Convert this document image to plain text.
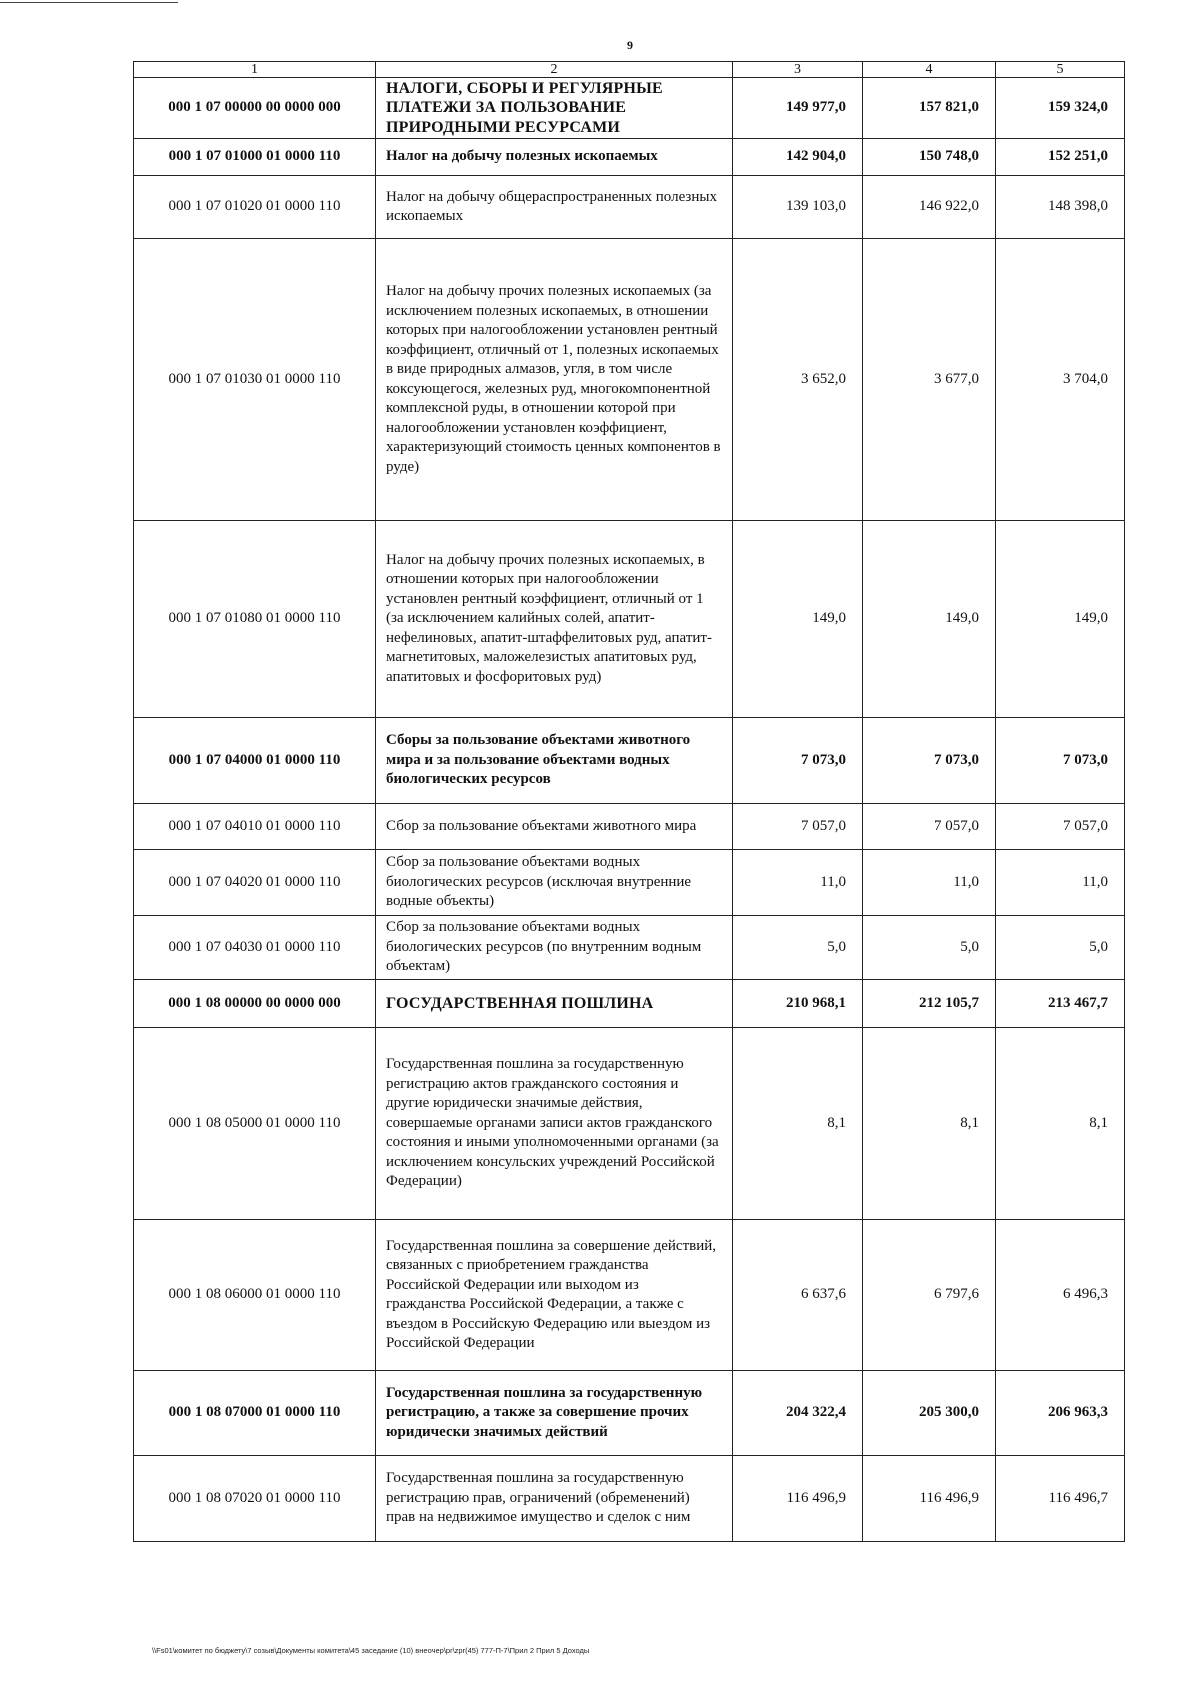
9
1	2	3	4	5
000 1 07 00000 00 0000 000	НАЛОГИ, СБОРЫ И РЕГУЛЯРНЫЕ ПЛАТЕЖИ ЗА ПОЛЬЗОВАНИЕ ПРИРОДНЫМИ РЕСУРСАМИ	149 977,0	157 821,0	159 324,0
000 1 07 01000 01 0000 110	Налог на добычу полезных ископаемых	142 904,0	150 748,0	152 251,0
000 1 07 01020 01 0000 110	Налог на добычу общераспространенных полезных ископаемых	139 103,0	146 922,0	148 398,0
000 1 07 01030 01 0000 110	Налог на добычу прочих полезных ископаемых (за исключением полезных ископаемых, в отношении которых при налогообложении установлен рентный коэффициент, отличный от 1, полезных ископаемых в виде природных алмазов, угля, в том числе коксующегося, железных руд, многокомпонентной комплексной руды, в отношении которой при налогообложении установлен коэффициент, характеризующий стоимость ценных компонентов в руде)	3 652,0	3 677,0	3 704,0
000 1 07 01080 01 0000 110	Налог на добычу прочих полезных ископаемых, в отношении которых при налогообложении установлен рентный коэффициент, отличный от 1 (за исключением калийных солей, апатит-нефелиновых, апатит-штаффелитовых руд, апатит-магнетитовых, маложелезистых апатитовых руд, апатитовых и фосфоритовых руд)	149,0	149,0	149,0
000 1 07 04000 01 0000 110	Сборы за пользование объектами животного мира и за пользование объектами водных биологических ресурсов	7 073,0	7 073,0	7 073,0
000 1 07 04010 01 0000 110	Сбор за пользование объектами животного мира	7 057,0	7 057,0	7 057,0
000 1 07 04020 01 0000 110	Сбор за пользование объектами водных биологических ресурсов (исключая внутренние водные объекты)	11,0	11,0	11,0
000 1 07 04030 01 0000 110	Сбор за пользование объектами водных биологических ресурсов (по внутренним водным объектам)	5,0	5,0	5,0
000 1 08 00000 00 0000 000	ГОСУДАРСТВЕННАЯ ПОШЛИНА	210 968,1	212 105,7	213 467,7
000 1 08 05000 01 0000 110	Государственная пошлина за государственную регистрацию актов гражданского состояния и другие юридически значимые действия, совершаемые органами записи актов гражданского состояния и иными уполномоченными органами (за исключением консульских учреждений Российской Федерации)	8,1	8,1	8,1
000 1 08 06000 01 0000 110	Государственная пошлина за совершение действий, связанных с приобретением гражданства Российской Федерации или выходом из гражданства Российской Федерации, а также с въездом в Российскую Федерацию или выездом из Российской Федерации	6 637,6	6 797,6	6 496,3
000 1 08 07000 01 0000 110	Государственная пошлина за государственную регистрацию, а также за совершение прочих юридически значимых действий	204 322,4	205 300,0	206 963,3
000 1 08 07020 01 0000 110	Государственная пошлина за государственную регистрацию прав, ограничений (обременений) прав на недвижимое имущество и сделок с ним	116 496,9	116 496,9	116 496,7
\\Fs01\комитет по бюджету\7 созыв\Документы комитета\45 заседание (10) внеочер\pr\zpr(45) 777-П-7\Прил 2 Прил 5 Доходы
